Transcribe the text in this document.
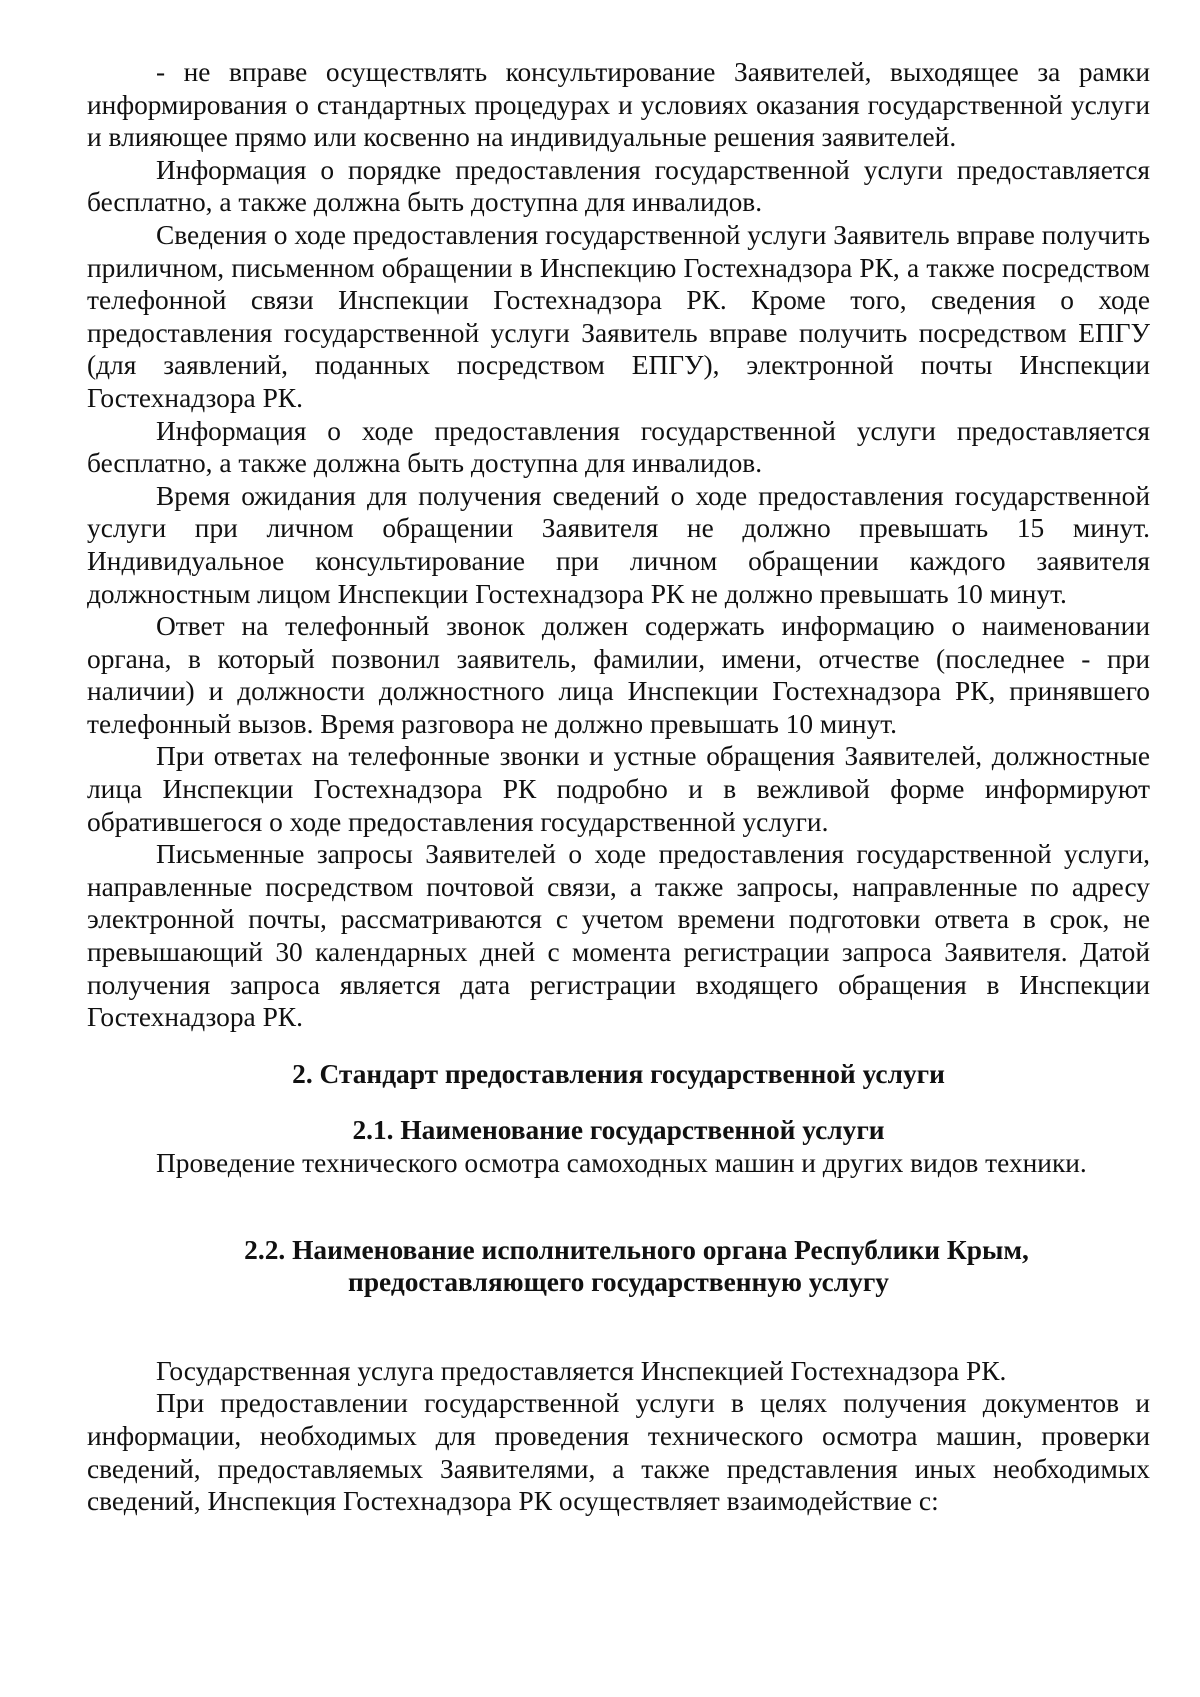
- не вправе осуществлять консультирование Заявителей, выходящее за рамки информирования о стандартных процедурах и условиях оказания государственной услуги и влияющее прямо или косвенно на индивидуальные решения заявителей.

Информация о порядке предоставления государственной услуги предоставляется бесплатно, а также должна быть доступна для инвалидов.

Сведения о ходе предоставления государственной услуги Заявитель вправе получить приличном, письменном обращении в Инспекцию Гостехнадзора РК, а также посредством телефонной связи Инспекции Гостехнадзора РК. Кроме того, сведения о ходе предоставления государственной услуги Заявитель вправе получить посредством ЕПГУ (для заявлений, поданных посредством ЕПГУ), электронной почты Инспекции Гостехнадзора РК.

Информация о ходе предоставления государственной услуги предоставляется бесплатно, а также должна быть доступна для инвалидов.

Время ожидания для получения сведений о ходе предоставления государственной услуги при личном обращении Заявителя не должно превышать 15 минут. Индивидуальное консультирование при личном обращении каждого заявителя должностным лицом Инспекции Гостехнадзора РК не должно превышать 10 минут.

Ответ на телефонный звонок должен содержать информацию о наименовании органа, в который позвонил заявитель, фамилии, имени, отчестве (последнее - при наличии) и должности должностного лица Инспекции Гостехнадзора РК, принявшего телефонный вызов. Время разговора не должно превышать 10 минут.

При ответах на телефонные звонки и устные обращения Заявителей, должностные лица Инспекции Гостехнадзора РК подробно и в вежливой форме информируют обратившегося о ходе предоставления государственной услуги.

Письменные запросы Заявителей о ходе предоставления государственной услуги, направленные посредством почтовой связи, а также запросы, направленные по адресу электронной почты, рассматриваются с учетом времени подготовки ответа в срок, не превышающий 30 календарных дней с момента регистрации запроса Заявителя. Датой получения запроса является дата регистрации входящего обращения в Инспекции Гостехнадзора РК.

2. Стандарт предоставления государственной услуги

2.1. Наименование государственной услуги

Проведение технического осмотра самоходных машин и других видов техники.

2.2. Наименование исполнительного органа Республики Крым,
предоставляющего государственную услугу

Государственная услуга предоставляется Инспекцией Гостехнадзора РК.

При предоставлении государственной услуги в целях получения документов и информации, необходимых для проведения технического осмотра машин, проверки сведений, предоставляемых Заявителями, а также представления иных необходимых сведений, Инспекция Гостехнадзора РК осуществляет взаимодействие с:
